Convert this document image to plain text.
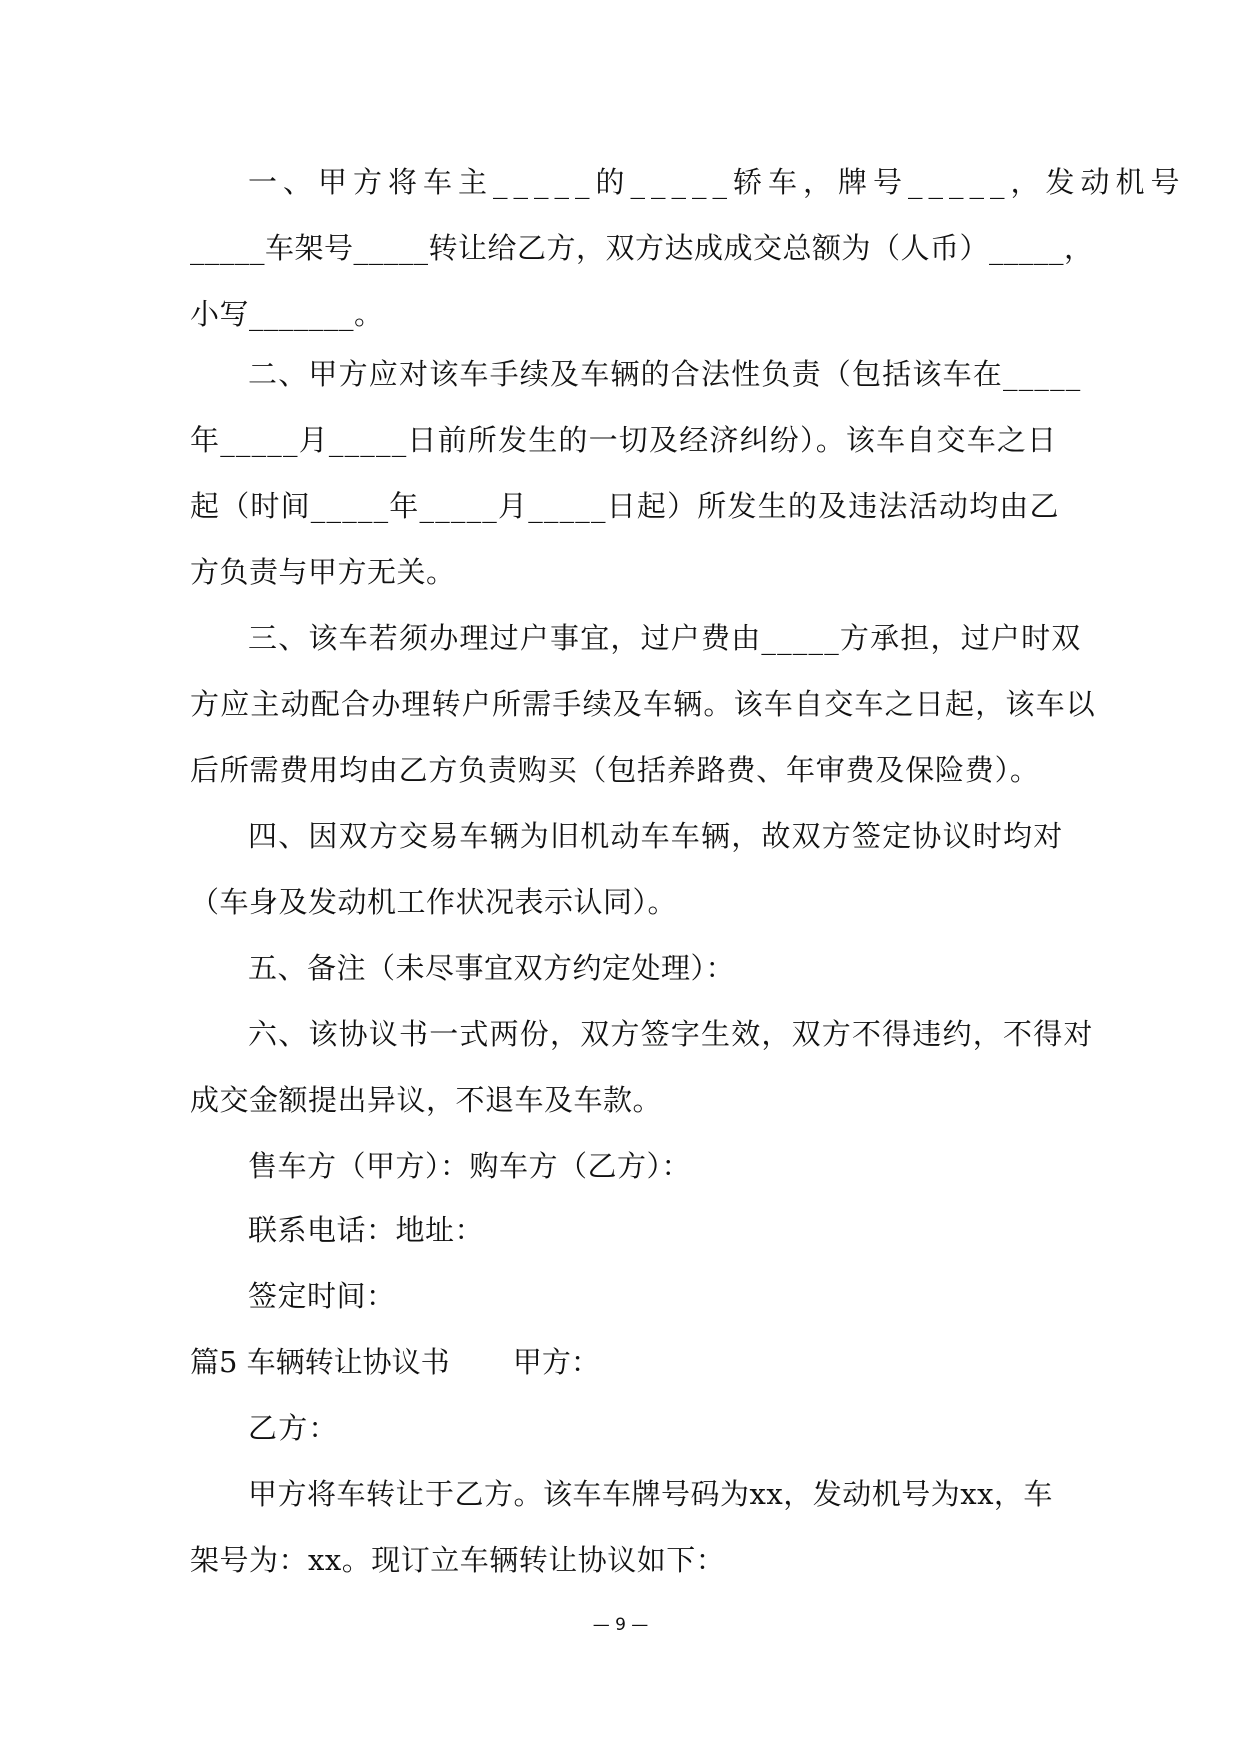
一、甲方将车主_____的_____轿车，牌号_____，发动机号
_____车架号_____转让给乙方，双方达成成交总额为（人币）_____，
小写_______。
二、甲方应对该车手续及车辆的合法性负责（包括该车在_____
年_____月_____日前所发生的一切及经济纠纷）。该车自交车之日
起（时间_____年_____月_____日起）所发生的及违法活动均由乙
方负责与甲方无关。
三、该车若须办理过户事宜，过户费由_____方承担，过户时双
方应主动配合办理转户所需手续及车辆。该车自交车之日起，该车以
后所需费用均由乙方负责购买（包括养路费、年审费及保险费）。
四、因双方交易车辆为旧机动车车辆，故双方签定协议时均对
（车身及发动机工作状况表示认同）。
五、备注（未尽事宜双方约定处理）：
六、该协议书一式两份，双方签字生效，双方不得违约，不得对
成交金额提出异议，不退车及车款。
售车方（甲方）：购车方（乙方）：
联系电话：地址：
签定时间：
乙方：
甲方将车转让于乙方。该车车牌号码为xx，发动机号为xx，车
架号为：xx。现订立车辆转让协议如下：
篇5 车辆转让协议书 甲方：
— 9 —
